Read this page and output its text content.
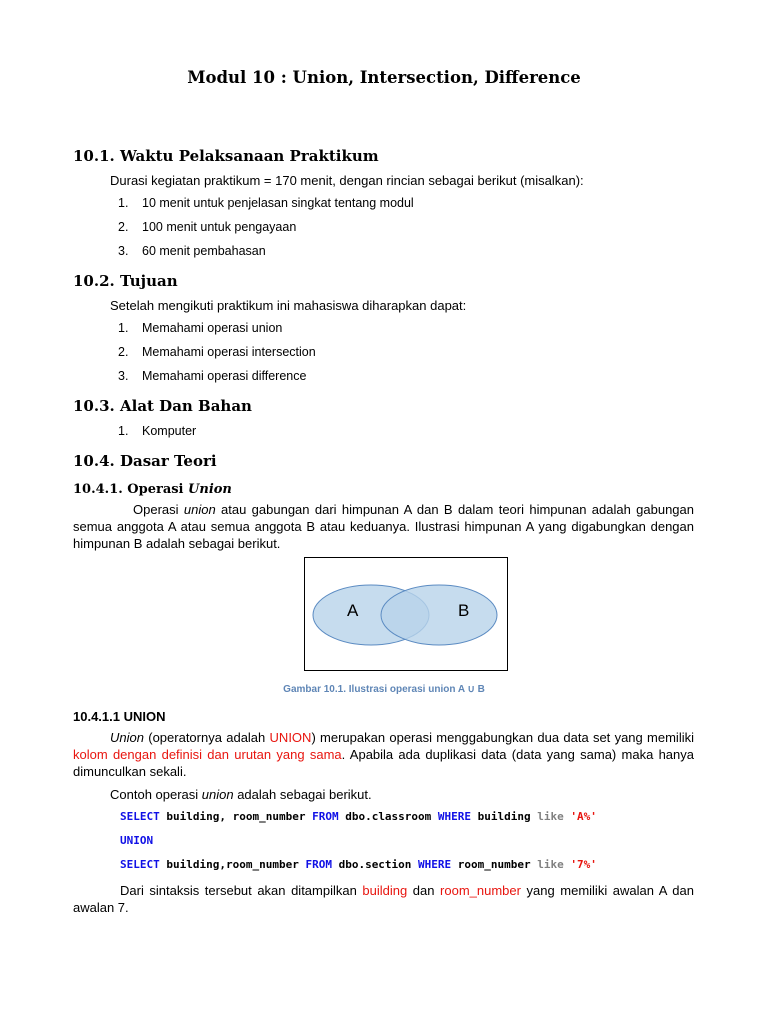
Modul 10 : Union, Intersection, Difference
10.1. Waktu Pelaksanaan Praktikum
Durasi kegiatan praktikum = 170 menit, dengan rincian sebagai berikut (misalkan):
1. 10 menit untuk penjelasan singkat tentang modul
2. 100 menit untuk pengayaan
3. 60 menit pembahasan
10.2. Tujuan
Setelah mengikuti praktikum ini mahasiswa diharapkan dapat:
1. Memahami operasi union
2. Memahami operasi intersection
3. Memahami operasi difference
10.3. Alat Dan Bahan
1. Komputer
10.4. Dasar Teori
10.4.1. Operasi Union
Operasi union atau gabungan dari himpunan A dan B dalam teori himpunan adalah gabungan semua anggota A atau semua anggota B atau keduanya. Ilustrasi himpunan A yang digabungkan dengan himpunan B adalah sebagai berikut.
A	B
Gambar 10.1. Ilustrasi operasi union A ∪ B
10.4.1.1 UNION
Union (operatornya adalah UNION) merupakan operasi menggabungkan dua data set yang memiliki kolom dengan definisi dan urutan yang sama. Apabila ada duplikasi data (data yang sama) maka hanya dimunculkan sekali.
Contoh operasi union adalah sebagai berikut.
SELECT building, room_number FROM dbo.classroom WHERE building like 'A%'
UNION
SELECT building,room_number FROM dbo.section WHERE room_number like '7%'
Dari sintaksis tersebut akan ditampilkan building dan room_number yang memiliki awalan A dan awalan 7.
